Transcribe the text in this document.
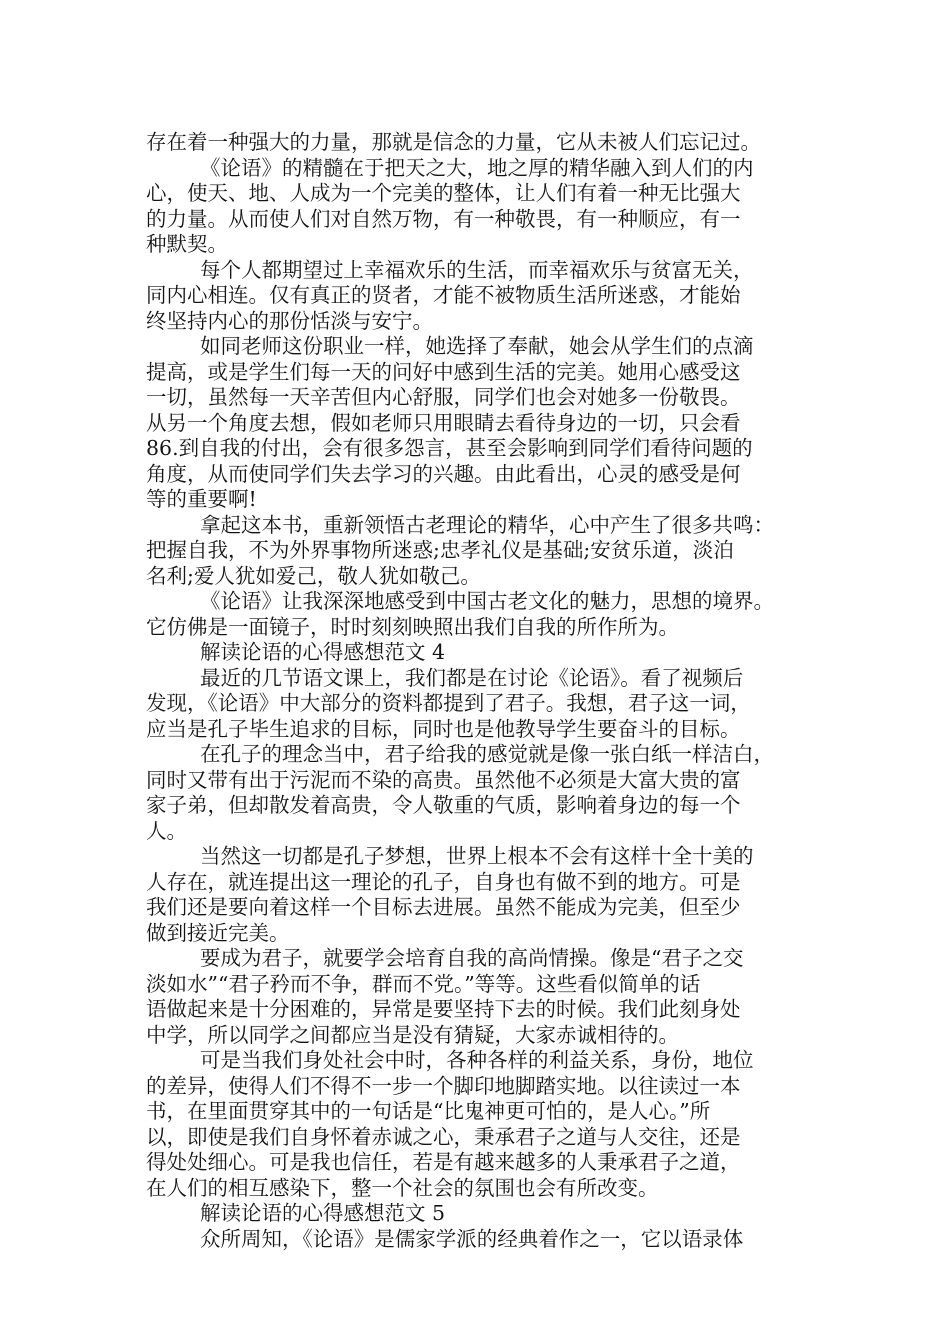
存在着一种强大的力量，那就是信念的力量，它从未被人们忘记过。
《论语》的精髓在于把天之大，地之厚的精华融入到人们的内
心，使天、地、人成为一个完美的整体，让人们有着一种无比强大
的力量。从而使人们对自然万物，有一种敬畏，有一种顺应，有一
种默契。
每个人都期望过上幸福欢乐的生活，而幸福欢乐与贫富无关，
同内心相连。仅有真正的贤者，才能不被物质生活所迷惑，才能始
终坚持内心的那份恬淡与安宁。
如同老师这份职业一样，她选择了奉献，她会从学生们的点滴
提高，或是学生们每一天的问好中感到生活的完美。她用心感受这
一切，虽然每一天辛苦但内心舒服，同学们也会对她多一份敬畏。
从另一个角度去想，假如老师只用眼睛去看待身边的一切，只会看
86.到自我的付出，会有很多怨言，甚至会影响到同学们看待问题的
角度，从而使同学们失去学习的兴趣。由此看出，心灵的感受是何
等的重要啊!
拿起这本书，重新领悟古老理论的精华，心中产生了很多共鸣：
把握自我，不为外界事物所迷惑;忠孝礼仪是基础;安贫乐道，淡泊
名利;爱人犹如爱己，敬人犹如敬己。
《论语》让我深深地感受到中国古老文化的魅力，思想的境界。
它仿佛是一面镜子，时时刻刻映照出我们自我的所作所为。
解读论语的心得感想范文 4
最近的几节语文课上，我们都是在讨论《论语》。看了视频后
发现，《论语》中大部分的资料都提到了君子。我想，君子这一词，
应当是孔子毕生追求的目标，同时也是他教导学生要奋斗的目标。
在孔子的理念当中，君子给我的感觉就是像一张白纸一样洁白，
同时又带有出于污泥而不染的高贵。虽然他不必须是大富大贵的富
家子弟，但却散发着高贵，令人敬重的气质，影响着身边的每一个
人。
当然这一切都是孔子梦想，世界上根本不会有这样十全十美的
人存在，就连提出这一理论的孔子，自身也有做不到的地方。可是
我们还是要向着这样一个目标去进展。虽然不能成为完美，但至少
做到接近完美。
要成为君子，就要学会培育自我的高尚情操。像是“君子之交
淡如水”“君子矜而不争，群而不党。”等等。这些看似简单的话
语做起来是十分困难的，异常是要坚持下去的时候。我们此刻身处
中学，所以同学之间都应当是没有猜疑，大家赤诚相待的。
可是当我们身处社会中时，各种各样的利益关系，身份，地位
的差异，使得人们不得不一步一个脚印地脚踏实地。以往读过一本
书，在里面贯穿其中的一句话是“比鬼神更可怕的，是人心。”所
以，即使是我们自身怀着赤诚之心，秉承君子之道与人交往，还是
得处处细心。可是我也信任，若是有越来越多的人秉承君子之道，
在人们的相互感染下，整一个社会的氛围也会有所改变。
解读论语的心得感想范文 5
众所周知，《论语》是儒家学派的经典着作之一，它以语录体
